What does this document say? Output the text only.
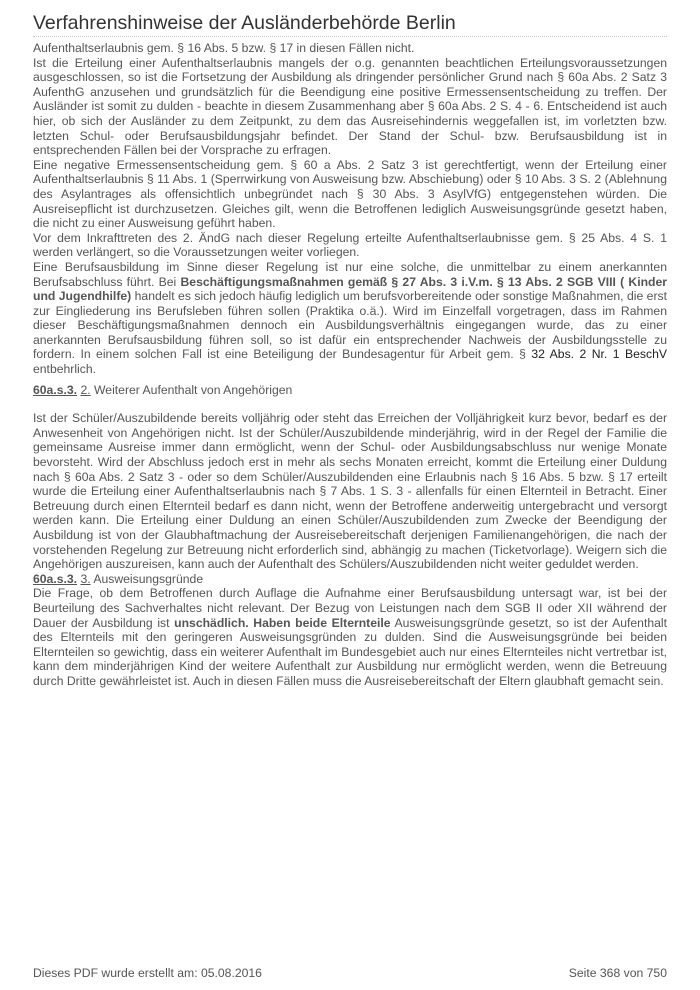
Verfahrenshinweise der Ausländerbehörde Berlin

Aufenthaltserlaubnis gem. § 16 Abs. 5 bzw. § 17 in diesen Fällen nicht.

Ist die Erteilung einer Aufenthaltserlaubnis mangels der o.g. genannten beachtlichen Erteilungsvoraussetzungen ausgeschlossen, so ist die Fortsetzung der Ausbildung als dringender persönlicher Grund nach § 60a Abs. 2 Satz 3 AufenthG anzusehen und grundsätzlich für die Beendigung eine positive Ermessensentscheidung zu treffen. Der Ausländer ist somit zu dulden - beachte in diesem Zusammenhang aber § 60a Abs. 2 S. 4 - 6. Entscheidend ist auch hier, ob sich der Ausländer zu dem Zeitpunkt, zu dem das Ausreisehindernis weggefallen ist, im vorletzten bzw. letzten Schul- oder Berufsausbildungsjahr befindet. Der Stand der Schul- bzw. Berufsausbildung ist in entsprechenden Fällen bei der Vorsprache zu erfragen.

Eine negative Ermessensentscheidung gem. § 60 a Abs. 2 Satz 3 ist gerechtfertigt, wenn der Erteilung einer Aufenthaltserlaubnis § 11 Abs. 1 (Sperrwirkung von Ausweisung bzw. Abschiebung) oder § 10 Abs. 3 S. 2 (Ablehnung des Asylantrages als offensichtlich unbegründet nach § 30 Abs. 3 AsylVfG) entgegenstehen würden. Die Ausreisepflicht ist durchzusetzen. Gleiches gilt, wenn die Betroffenen lediglich Ausweisungsgründe gesetzt haben, die nicht zu einer Ausweisung geführt haben.

Vor dem Inkrafttreten des 2. ÄndG nach dieser Regelung erteilte Aufenthaltserlaubnisse gem. § 25 Abs. 4 S. 1 werden verlängert, so die Voraussetzungen weiter vorliegen.

Eine Berufsausbildung im Sinne dieser Regelung ist nur eine solche, die unmittelbar zu einem anerkannten Berufsabschluss führt. Bei Beschäftigungsmaßnahmen gemäß § 27 Abs. 3 i.V.m. § 13 Abs. 2 SGB VIII ( Kinder und Jugendhilfe) handelt es sich jedoch häufig lediglich um berufsvorbereitende oder sonstige Maßnahmen, die erst zur Eingliederung ins Berufsleben führen sollen (Praktika o.ä.). Wird im Einzelfall vorgetragen, dass im Rahmen dieser Beschäftigungsmaßnahmen dennoch ein Ausbildungsverhältnis eingegangen wurde, das zu einer anerkannten Berufsausbildung führen soll, so ist dafür ein entsprechender Nachweis der Ausbildungsstelle zu fordern. In einem solchen Fall ist eine Beteiligung der Bundesagentur für Arbeit gem. § 32 Abs. 2 Nr. 1 BeschV entbehrlich.

60a.s.3. 2. Weiterer Aufenthalt von Angehörigen

Ist der Schüler/Auszubildende bereits volljährig oder steht das Erreichen der Volljährigkeit kurz bevor, bedarf es der Anwesenheit von Angehörigen nicht. Ist der Schüler/Auszubildende minderjährig, wird in der Regel der Familie die gemeinsame Ausreise immer dann ermöglicht, wenn der Schul- oder Ausbildungsabschluss nur wenige Monate bevorsteht. Wird der Abschluss jedoch erst in mehr als sechs Monaten erreicht, kommt die Erteilung einer Duldung nach § 60a Abs. 2 Satz 3 - oder so dem Schüler/Auszubildenden eine Erlaubnis nach § 16 Abs. 5 bzw. § 17 erteilt wurde die Erteilung einer Aufenthaltserlaubnis nach § 7 Abs. 1 S. 3 - allenfalls für einen Elternteil in Betracht. Einer Betreuung durch einen Elternteil bedarf es dann nicht, wenn der Betroffene anderweitig untergebracht und versorgt werden kann. Die Erteilung einer Duldung an einen Schüler/Auszubildenden zum Zwecke der Beendigung der Ausbildung ist von der Glaubhaftmachung der Ausreisebereitschaft derjenigen Familienangehörigen, die nach der vorstehenden Regelung zur Betreuung nicht erforderlich sind, abhängig zu machen (Ticketvorlage). Weigern sich die Angehörigen auszureisen, kann auch der Aufenthalt des Schülers/Auszubildenden nicht weiter geduldet werden.

60a.s.3. 3. Ausweisungsgründe

Die Frage, ob dem Betroffenen durch Auflage die Aufnahme einer Berufsausbildung untersagt war, ist bei der Beurteilung des Sachverhaltes nicht relevant. Der Bezug von Leistungen nach dem SGB II oder XII während der Dauer der Ausbildung ist unschädlich. Haben beide Elternteile Ausweisungsgründe gesetzt, so ist der Aufenthalt des Elternteils mit den geringeren Ausweisungsgründen zu dulden. Sind die Ausweisungsgründe bei beiden Elternteilen so gewichtig, dass ein weiterer Aufenthalt im Bundesgebiet auch nur eines Elternteiles nicht vertretbar ist, kann dem minderjährigen Kind der weitere Aufenthalt zur Ausbildung nur ermöglicht werden, wenn die Betreuung durch Dritte gewährleistet ist. Auch in diesen Fällen muss die Ausreisebereitschaft der Eltern glaubhaft gemacht sein.

Dieses PDF wurde erstellt am: 05.08.2016	Seite 368 von 750
